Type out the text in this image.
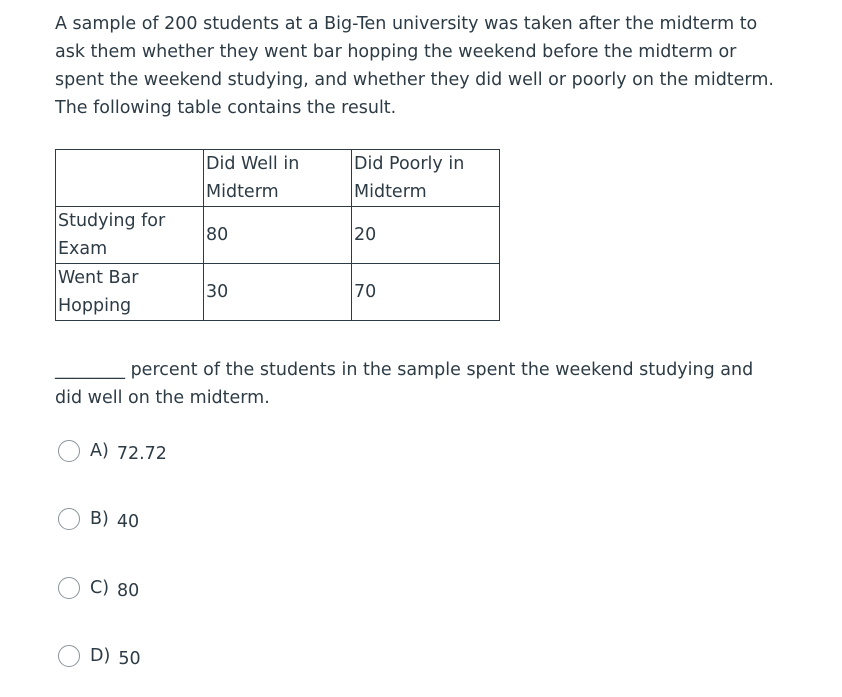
A sample of 200 students at a Big-Ten university was taken after the midterm to ask them whether they went bar hopping the weekend before the midterm or spent the weekend studying, and whether they did well or poorly on the midterm. The following table contains the result.
	Did Well in Midterm	Did Poorly in Midterm
Studying for Exam	80	20
Went Bar Hopping	30	70
________ percent of the students in the sample spent the weekend studying and did well on the midterm.
A) 72.72
B) 40
C) 80
D) 50
